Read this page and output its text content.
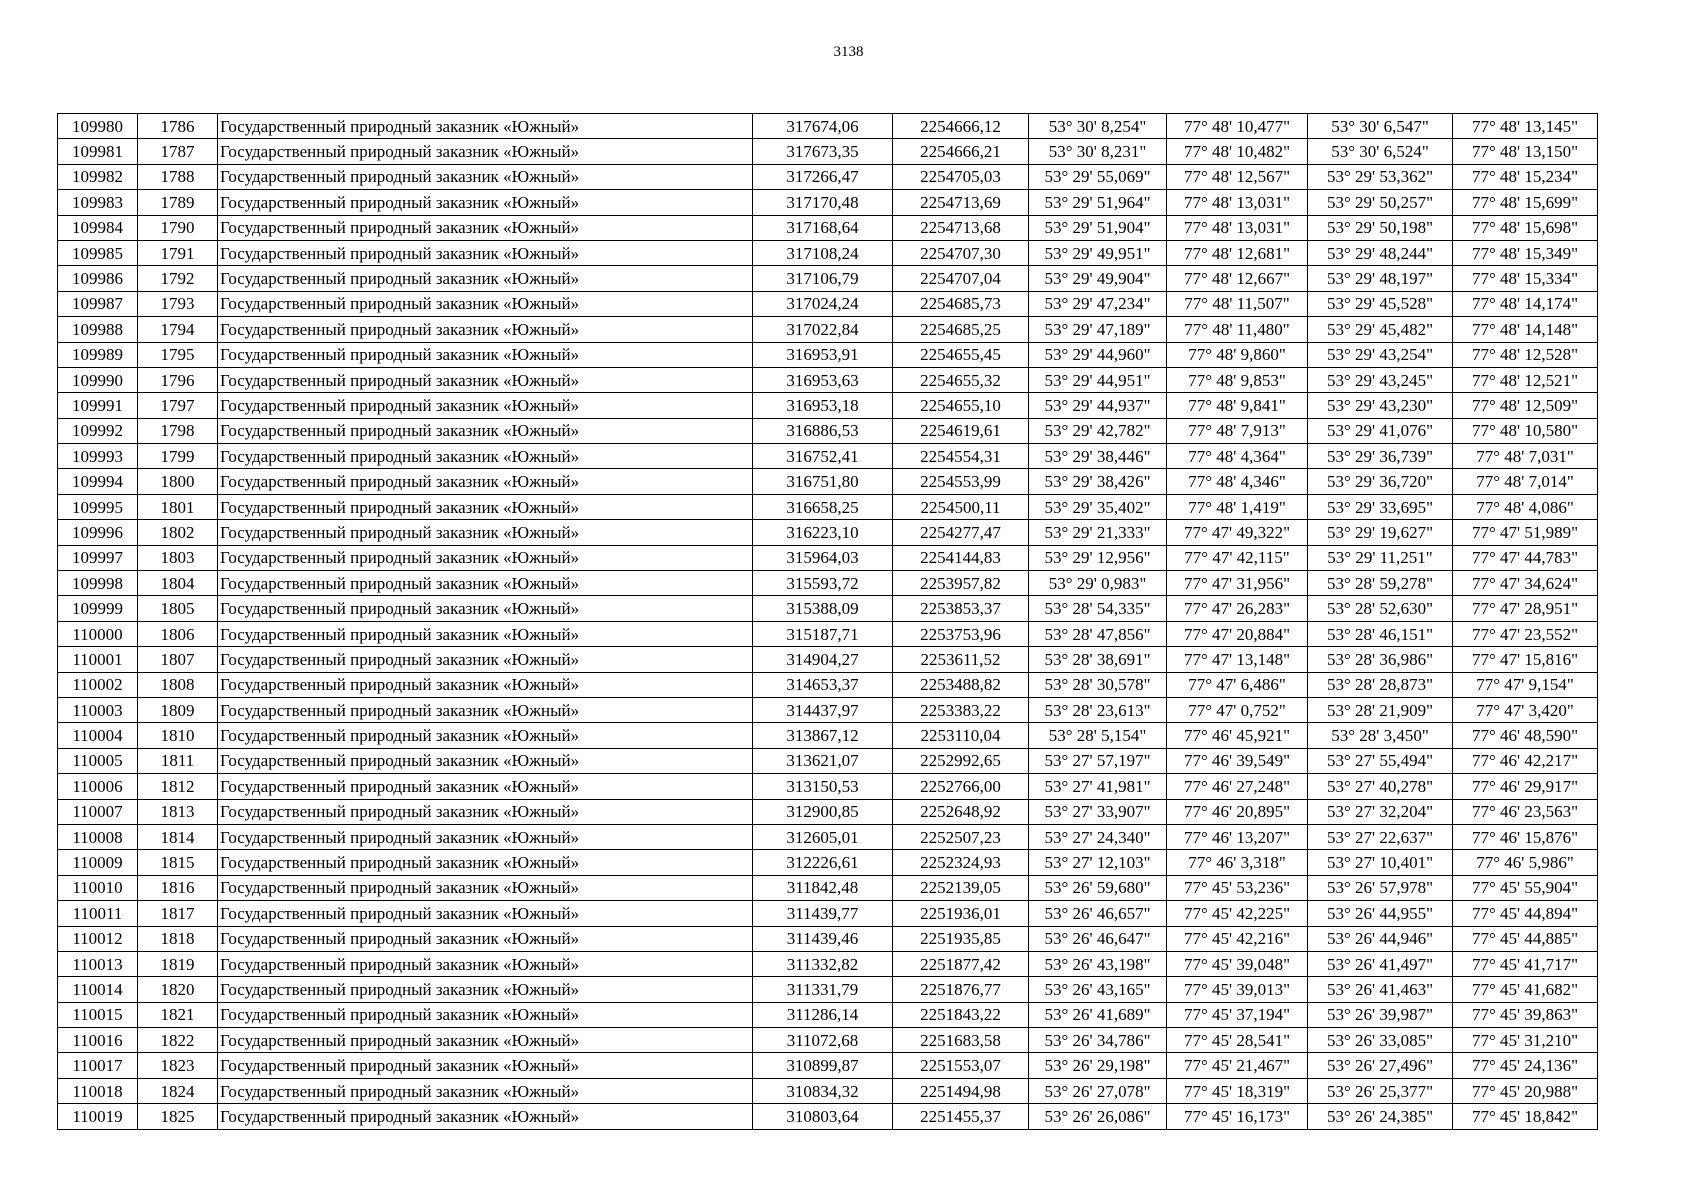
3138
109980	1786	Государственный природный заказник «Южный»	317674,06	2254666,12	53° 30' 8,254"	77° 48' 10,477"	53° 30' 6,547"	77° 48' 13,145"
109981	1787	Государственный природный заказник «Южный»	317673,35	2254666,21	53° 30' 8,231"	77° 48' 10,482"	53° 30' 6,524"	77° 48' 13,150"
109982	1788	Государственный природный заказник «Южный»	317266,47	2254705,03	53° 29' 55,069"	77° 48' 12,567"	53° 29' 53,362"	77° 48' 15,234"
109983	1789	Государственный природный заказник «Южный»	317170,48	2254713,69	53° 29' 51,964"	77° 48' 13,031"	53° 29' 50,257"	77° 48' 15,699"
109984	1790	Государственный природный заказник «Южный»	317168,64	2254713,68	53° 29' 51,904"	77° 48' 13,031"	53° 29' 50,198"	77° 48' 15,698"
109985	1791	Государственный природный заказник «Южный»	317108,24	2254707,30	53° 29' 49,951"	77° 48' 12,681"	53° 29' 48,244"	77° 48' 15,349"
109986	1792	Государственный природный заказник «Южный»	317106,79	2254707,04	53° 29' 49,904"	77° 48' 12,667"	53° 29' 48,197"	77° 48' 15,334"
109987	1793	Государственный природный заказник «Южный»	317024,24	2254685,73	53° 29' 47,234"	77° 48' 11,507"	53° 29' 45,528"	77° 48' 14,174"
109988	1794	Государственный природный заказник «Южный»	317022,84	2254685,25	53° 29' 47,189"	77° 48' 11,480"	53° 29' 45,482"	77° 48' 14,148"
109989	1795	Государственный природный заказник «Южный»	316953,91	2254655,45	53° 29' 44,960"	77° 48' 9,860"	53° 29' 43,254"	77° 48' 12,528"
109990	1796	Государственный природный заказник «Южный»	316953,63	2254655,32	53° 29' 44,951"	77° 48' 9,853"	53° 29' 43,245"	77° 48' 12,521"
109991	1797	Государственный природный заказник «Южный»	316953,18	2254655,10	53° 29' 44,937"	77° 48' 9,841"	53° 29' 43,230"	77° 48' 12,509"
109992	1798	Государственный природный заказник «Южный»	316886,53	2254619,61	53° 29' 42,782"	77° 48' 7,913"	53° 29' 41,076"	77° 48' 10,580"
109993	1799	Государственный природный заказник «Южный»	316752,41	2254554,31	53° 29' 38,446"	77° 48' 4,364"	53° 29' 36,739"	77° 48' 7,031"
109994	1800	Государственный природный заказник «Южный»	316751,80	2254553,99	53° 29' 38,426"	77° 48' 4,346"	53° 29' 36,720"	77° 48' 7,014"
109995	1801	Государственный природный заказник «Южный»	316658,25	2254500,11	53° 29' 35,402"	77° 48' 1,419"	53° 29' 33,695"	77° 48' 4,086"
109996	1802	Государственный природный заказник «Южный»	316223,10	2254277,47	53° 29' 21,333"	77° 47' 49,322"	53° 29' 19,627"	77° 47' 51,989"
109997	1803	Государственный природный заказник «Южный»	315964,03	2254144,83	53° 29' 12,956"	77° 47' 42,115"	53° 29' 11,251"	77° 47' 44,783"
109998	1804	Государственный природный заказник «Южный»	315593,72	2253957,82	53° 29' 0,983"	77° 47' 31,956"	53° 28' 59,278"	77° 47' 34,624"
109999	1805	Государственный природный заказник «Южный»	315388,09	2253853,37	53° 28' 54,335"	77° 47' 26,283"	53° 28' 52,630"	77° 47' 28,951"
110000	1806	Государственный природный заказник «Южный»	315187,71	2253753,96	53° 28' 47,856"	77° 47' 20,884"	53° 28' 46,151"	77° 47' 23,552"
110001	1807	Государственный природный заказник «Южный»	314904,27	2253611,52	53° 28' 38,691"	77° 47' 13,148"	53° 28' 36,986"	77° 47' 15,816"
110002	1808	Государственный природный заказник «Южный»	314653,37	2253488,82	53° 28' 30,578"	77° 47' 6,486"	53° 28' 28,873"	77° 47' 9,154"
110003	1809	Государственный природный заказник «Южный»	314437,97	2253383,22	53° 28' 23,613"	77° 47' 0,752"	53° 28' 21,909"	77° 47' 3,420"
110004	1810	Государственный природный заказник «Южный»	313867,12	2253110,04	53° 28' 5,154"	77° 46' 45,921"	53° 28' 3,450"	77° 46' 48,590"
110005	1811	Государственный природный заказник «Южный»	313621,07	2252992,65	53° 27' 57,197"	77° 46' 39,549"	53° 27' 55,494"	77° 46' 42,217"
110006	1812	Государственный природный заказник «Южный»	313150,53	2252766,00	53° 27' 41,981"	77° 46' 27,248"	53° 27' 40,278"	77° 46' 29,917"
110007	1813	Государственный природный заказник «Южный»	312900,85	2252648,92	53° 27' 33,907"	77° 46' 20,895"	53° 27' 32,204"	77° 46' 23,563"
110008	1814	Государственный природный заказник «Южный»	312605,01	2252507,23	53° 27' 24,340"	77° 46' 13,207"	53° 27' 22,637"	77° 46' 15,876"
110009	1815	Государственный природный заказник «Южный»	312226,61	2252324,93	53° 27' 12,103"	77° 46' 3,318"	53° 27' 10,401"	77° 46' 5,986"
110010	1816	Государственный природный заказник «Южный»	311842,48	2252139,05	53° 26' 59,680"	77° 45' 53,236"	53° 26' 57,978"	77° 45' 55,904"
110011	1817	Государственный природный заказник «Южный»	311439,77	2251936,01	53° 26' 46,657"	77° 45' 42,225"	53° 26' 44,955"	77° 45' 44,894"
110012	1818	Государственный природный заказник «Южный»	311439,46	2251935,85	53° 26' 46,647"	77° 45' 42,216"	53° 26' 44,946"	77° 45' 44,885"
110013	1819	Государственный природный заказник «Южный»	311332,82	2251877,42	53° 26' 43,198"	77° 45' 39,048"	53° 26' 41,497"	77° 45' 41,717"
110014	1820	Государственный природный заказник «Южный»	311331,79	2251876,77	53° 26' 43,165"	77° 45' 39,013"	53° 26' 41,463"	77° 45' 41,682"
110015	1821	Государственный природный заказник «Южный»	311286,14	2251843,22	53° 26' 41,689"	77° 45' 37,194"	53° 26' 39,987"	77° 45' 39,863"
110016	1822	Государственный природный заказник «Южный»	311072,68	2251683,58	53° 26' 34,786"	77° 45' 28,541"	53° 26' 33,085"	77° 45' 31,210"
110017	1823	Государственный природный заказник «Южный»	310899,87	2251553,07	53° 26' 29,198"	77° 45' 21,467"	53° 26' 27,496"	77° 45' 24,136"
110018	1824	Государственный природный заказник «Южный»	310834,32	2251494,98	53° 26' 27,078"	77° 45' 18,319"	53° 26' 25,377"	77° 45' 20,988"
110019	1825	Государственный природный заказник «Южный»	310803,64	2251455,37	53° 26' 26,086"	77° 45' 16,173"	53° 26' 24,385"	77° 45' 18,842"
